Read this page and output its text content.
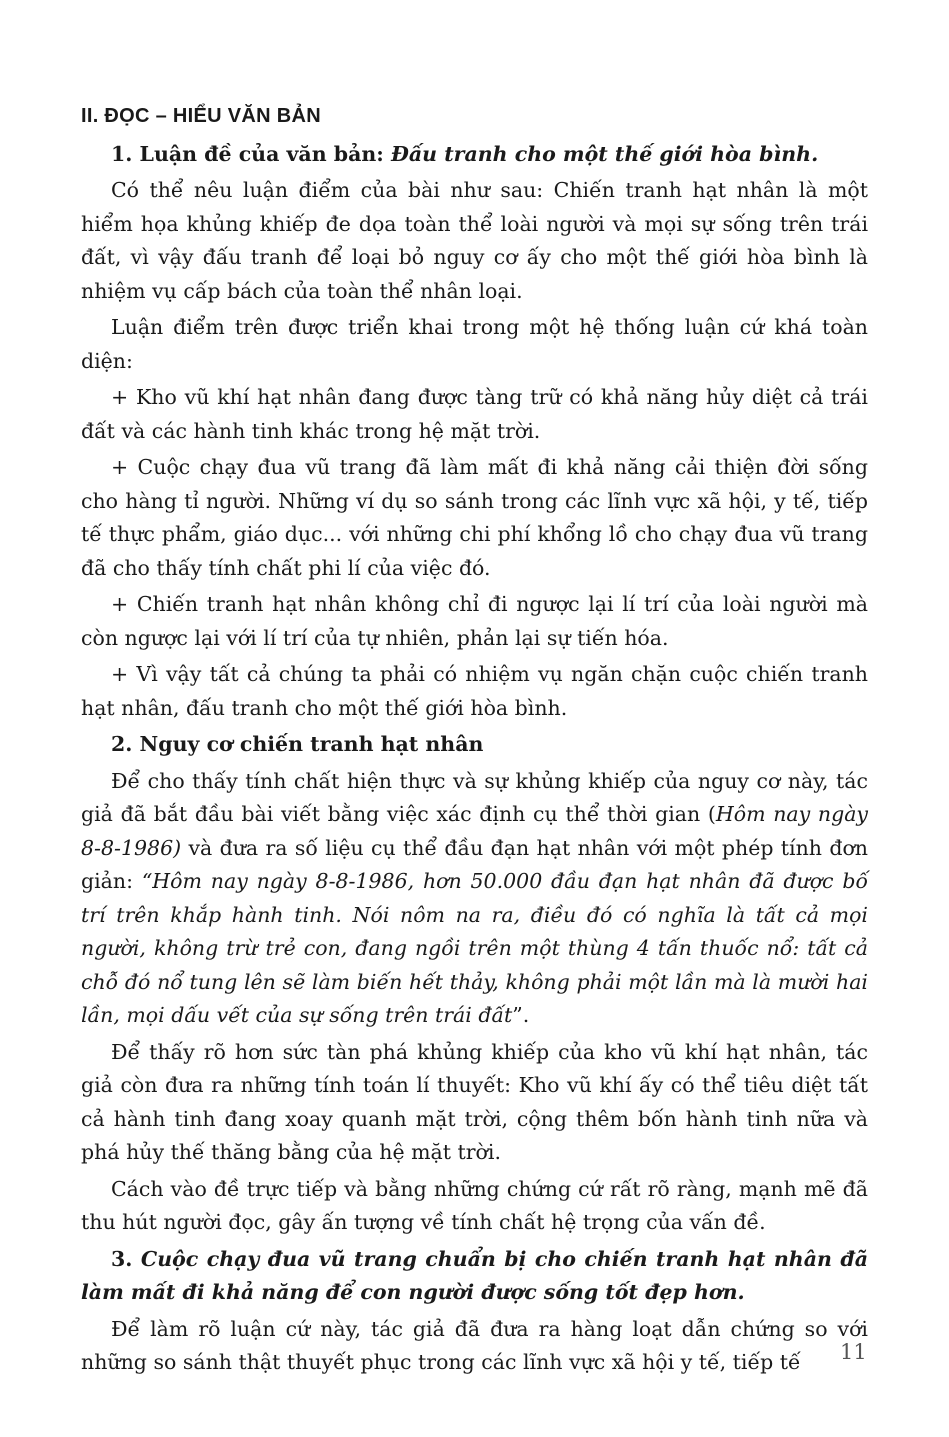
II. ĐỌC – HIỂU VĂN BẢN

1. Luận đề của văn bản: Đấu tranh cho một thế giới hòa bình.

Có thể nêu luận điểm của bài như sau: Chiến tranh hạt nhân là một hiểm họa khủng khiếp đe dọa toàn thể loài người và mọi sự sống trên trái đất, vì vậy đấu tranh để loại bỏ nguy cơ ấy cho một thế giới hòa bình là nhiệm vụ cấp bách của toàn thể nhân loại.

Luận điểm trên được triển khai trong một hệ thống luận cứ khá toàn diện:

+ Kho vũ khí hạt nhân đang được tàng trữ có khả năng hủy diệt cả trái đất và các hành tinh khác trong hệ mặt trời.

+ Cuộc chạy đua vũ trang đã làm mất đi khả năng cải thiện đời sống cho hàng tỉ người. Những ví dụ so sánh trong các lĩnh vực xã hội, y tế, tiếp tế thực phẩm, giáo dục... với những chi phí khổng lồ cho chạy đua vũ trang đã cho thấy tính chất phi lí của việc đó.

+ Chiến tranh hạt nhân không chỉ đi ngược lại lí trí của loài người mà còn ngược lại với lí trí của tự nhiên, phản lại sự tiến hóa.

+ Vì vậy tất cả chúng ta phải có nhiệm vụ ngăn chặn cuộc chiến tranh hạt nhân, đấu tranh cho một thế giới hòa bình.

2. Nguy cơ chiến tranh hạt nhân

Để cho thấy tính chất hiện thực và sự khủng khiếp của nguy cơ này, tác giả đã bắt đầu bài viết bằng việc xác định cụ thể thời gian (Hôm nay ngày 8-8-1986) và đưa ra số liệu cụ thể đầu đạn hạt nhân với một phép tính đơn giản: “Hôm nay ngày 8-8-1986, hơn 50.000 đầu đạn hạt nhân đã được bố trí trên khắp hành tinh. Nói nôm na ra, điều đó có nghĩa là tất cả mọi người, không trừ trẻ con, đang ngồi trên một thùng 4 tấn thuốc nổ: tất cả chỗ đó nổ tung lên sẽ làm biến hết thảy, không phải một lần mà là mười hai lần, mọi dấu vết của sự sống trên trái đất”.

Để thấy rõ hơn sức tàn phá khủng khiếp của kho vũ khí hạt nhân, tác giả còn đưa ra những tính toán lí thuyết: Kho vũ khí ấy có thể tiêu diệt tất cả hành tinh đang xoay quanh mặt trời, cộng thêm bốn hành tinh nữa và phá hủy thế thăng bằng của hệ mặt trời.

Cách vào đề trực tiếp và bằng những chứng cứ rất rõ ràng, mạnh mẽ đã thu hút người đọc, gây ấn tượng về tính chất hệ trọng của vấn đề.

3. Cuộc chạy đua vũ trang chuẩn bị cho chiến tranh hạt nhân đã làm mất đi khả năng để con người được sống tốt đẹp hơn.

Để làm rõ luận cứ này, tác giả đã đưa ra hàng loạt dẫn chứng so với những so sánh thật thuyết phục trong các lĩnh vực xã hội y tế, tiếp tế	11
